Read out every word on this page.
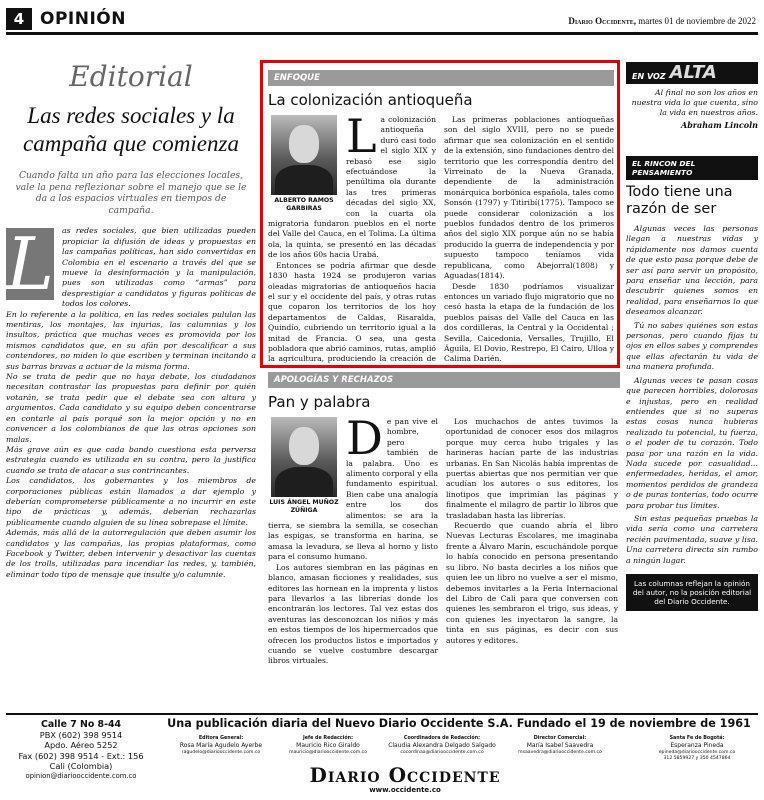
4 OPINIÓN	Diario Occidente, martes 01 de noviembre de 2022
Editorial
Las redes sociales y la campaña que comienza
Cuando falta un año para las elecciones locales, vale la pena reflezionar sobre el manejo que se le da a los espacios virtuales en tiempos de campaña.
L	as redes sociales, que bien utilizadas pueden propiciar la difusión de ideas y propuestas en las campañas políticas, han sido convertidas en Colombia en el escenario a través del que se mueve la desinformación y la manipulación, pues son utilizadas como “armas” para desprestigiar a candidatos y figuras políticas de todos los colores.

En lo referente a la política, en las redes sociales pululan las mentiras, los montajes, las injurias, las calumnias y los insultos, práctica que muchas veces es promovida por los mismos candidatos que, en su afán por descalificar a sus contendores, no miden lo que escriben y terminan incitando a sus barras bravas a actuar de la misma forma.

No se trata de pedir que no haya debate, los ciudadanos necesitan contrastar las propuestas para definir por quién votarán, se trata pedir que el debate sea con altura y argumentos. Cada candidato y su equipo deben concentrarse en contarle al país porqué son la mejor opción y no en convencer a los colombianos de que las otras opciones son malas.

Más grave aún es que cada bando cuestiona esta perversa estrategia cuando es utilizada en su contra, pero la justifica cuando se trata de atacar a sus contrincantes.

Los candidatos, los gobernantes y los miembros de corporaciones públicas están llamados a dar ejemplo y deberían comprometerse públicamente a no incurrir en este tipo de prácticas y, además, deberían rechazarlas públicamente cuando alguien de su línea sobrepase el límite.

Además, más allá de la autorregulación que deben asumir los candidatos y las campañas, las propias plataformas, como Facebook y Twitter, deben intervenir y desactivar las cuentas de los trolls, utilizadas para incendiar las redes, y, también, eliminar todo tipo de mensaje que insulte y/o calumnie.

ENFOQUE
La colonización antioqueña
ALBERTO RAMOS GARBIRAS

La colonización antioqueña duró casi todo el siglo XIX y rebasó ese siglo efectuándose la penúltima ola durante las tres primeras décadas del siglo XX, con la cuarta ola migratoria fundaron pueblos en el norte del Valle del Cauca, en el Tolima. La última ola, la quinta, se presentó en las décadas de los años 60s hacia Urabá.

Entonces se podría afirmar que desde 1830 hasta 1924 se produjeron varias oleadas migratorias de antioqueños hacia el sur y el occidente del país, y otras rutas que coparon los territorios de los hoy departamentos de Caldas, Risaralda, Quindío, cubriendo un territorio igual a la mitad de Francia. O sea, una gesta pobladora que abrió caminos, rutas, amplió la agricultura, produciendo la creación de

Las primeras poblaciones antioqueñas son del siglo XVIII, pero no se puede afirmar que sea colonización en el sentido de la extensión, sino fundaciones dentro del territorio que les correspondía dentro del Virreinato de la Nueva Granada, dependiente de la administración monárquica borbónica española, tales como Sonsón (1797) y Titiribí(1775). Tampoco se puede considerar colonización a los pueblos fundados dentro de los primeros años del siglo XIX porque aún no se había producido la guerra de independencia y por supuesto tampoco teníamos vida republicana, como Abejorral(1808) y Aguadas(1814).

Desde 1830 podríamos visualizar entonces un variado flujo migratorio que no cesó hasta la etapa de la fundación de los pueblos paisas del Valle del Cauca en las dos cordilleras, la Central y la Occidental ; Sevilla, Caicedonia, Versalles, Trujillo, El Águila, El Dovio, Restrepo, El Cairo, Ulloa y Calima Darién.

APOLOGÍAS Y RECHAZOS
Pan y palabra
LUIS ÁNGEL MUÑOZ ZÚÑIGA

De pan vive el hombre, pero también de la palabra. Uno es alimento corporal y ella fundamento espiritual. Bien cabe una analogía entre los dos alimentos: se ara la tierra, se siembra la semilla, se cosechan las espigas, se transforma en harina, se amasa la levadura, se lleva al horno y listo para el consumo humano.

Los autores siembran en las páginas en blanco, amasan ficciones y realidades, sus editores las hornean en la imprenta y listos para llevarlos a las librerías donde los encontrarán los lectores. Tal vez estas dos aventuras las desconozcan los niños y más en estos tiempos de los hipermercados que ofrecen los productos listos e importados y cuando se vuelve costumbre descargar libros virtuales.

Los muchachos de antes tuvimos la oportunidad de conocer esos dos milagros porque muy cerca hubo trigales y las harineras hacían parte de las industrias urbanas. En San Nicolás había imprentas de puertas abiertas que nos permitían ver que acudían los autores o sus editores, los linotipos que imprimían las páginas y finalmente el milagro de partir lo libros que trasladaban hasta las librerías.

Recuerdo que cuando abría el libro Nuevas Lecturas Escolares, me imaginaba frente a Álvaro Marín, escuchándole porque lo había conocido en persona presentando su libro. No basta decirles a los niños que quien lee un libro no vuelve a ser el mismo, debemos invitarles a la Feria Internacional del Libro de Cali para que conversen con quienes les sembraron el trigo, sus ideas, y con quienes les inyectaron la sangre, la tinta en sus páginas, es decir con sus autores y editores.

EN VOZ ALTA
Al final no son los años en nuestra vida lo que cuenta, sino la vida en nuestros años.
Abraham Lincoln
EL RINCON DEL PENSAMIENTO
Todo tiene una razón de ser

Algunas veces las personas llegan a nuestras vidas y rápidamente nos damos cuenta de que esto pasa porque debe de ser así para servir un propósito, para enseñar una lección, para descubrir quienes somos en realidad, para enseñarnos lo que deseamos alcanzar.

Tú no sabes quiénes son estas personas, pero cuando fijas tu ojos en ellos sabes y comprendes que ellas afectarán tu vida de una manera profunda.

Algunas veces te pasan cosas que parecen horribles, dolorosas e injustas, pero en realidad entiendes que si no superas estas cosas nunca hubieras realizado tu potencial, tu fuerza, o el poder de tu corazón. Todo pasa por una razón en la vida. Nada sucede por casualidad... enfermedades, heridas, el amor, momentos perdidos de grandeza o de puras tonterías, todo ocurre para probar tus límites.

Sin estas pequeñas pruebas la vida sería como una carretera recién pavimentada, suave y lisa. Una carretera directa sin rumbo a ningún lugar.

Las columnas reflejan la opinión del autor, no la posición editorial del Diario Occidente.
Calle 7 No 8-44
PBX (602) 398 9514
Apdo. Aéreo 5252
Fax (602) 398 9514 - Ext.: 156
Cali (Colombia)
opinion@diariooccidente.com.co
Una publicación diaria del Nuevo Diario Occidente S.A. Fundado el 19 de noviembre de 1961
Editora General:
Rosa María Agudelo Ayerbe
ragudelo@diariooccidente.com.co
Jefe de Redacción:
Mauricio Rico Giraldo
mauricio@diariooccidente.com.co
Coordinadora de Redacción:
Claudia Alexandra Delgado Salgado
cocordinaa@diariooccidente.com.co
Director Comercial:
María Isabel Saavedra
msaavedra@diariooccidente.com.co
Santa Fe de Bogotá:
Esperanza Pineda
epineda@diariooccidente.com.co
312 5859927 y 350 4547864
Diario Occidente
www.occidente.co
